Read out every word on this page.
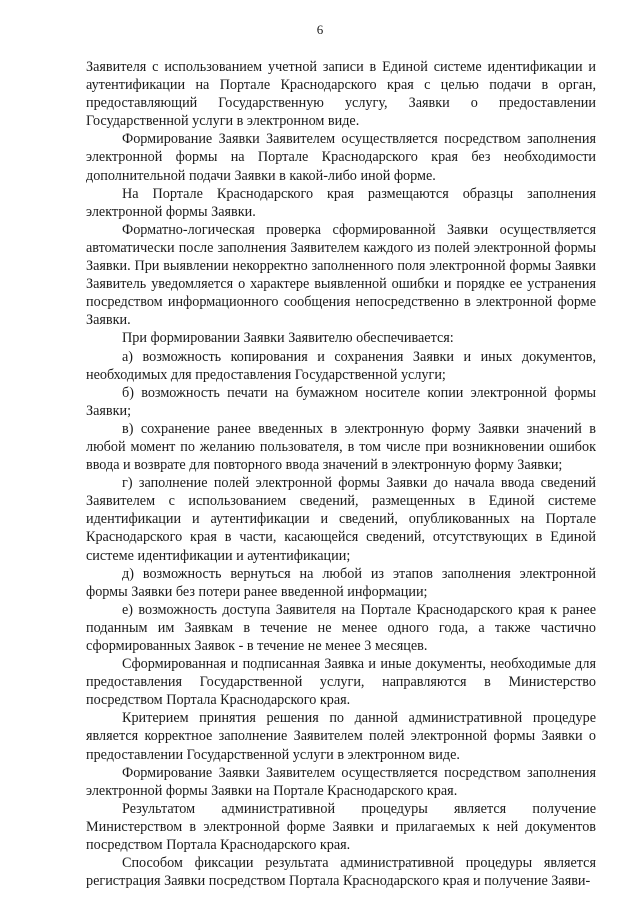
6

Заявителя с использованием учетной записи в Единой системе идентификации и аутентификации на Портале Краснодарского края с целью подачи в орган, предоставляющий Государственную услугу, Заявки о предоставлении Государственной услуги в электронном виде.

Формирование Заявки Заявителем осуществляется посредством заполнения электронной формы на Портале Краснодарского края без необходимости дополнительной подачи Заявки в какой-либо иной форме.

На Портале Краснодарского края размещаются образцы заполнения электронной формы Заявки.

Форматно-логическая проверка сформированной Заявки осуществляется автоматически после заполнения Заявителем каждого из полей электронной формы Заявки. При выявлении некорректно заполненного поля электронной формы Заявки Заявитель уведомляется о характере выявленной ошибки и порядке ее устранения посредством информационного сообщения непосредственно в электронной форме Заявки.

При формировании Заявки Заявителю обеспечивается:

а) возможность копирования и сохранения Заявки и иных документов, необходимых для предоставления Государственной услуги;

б) возможность печати на бумажном носителе копии электронной формы Заявки;

в) сохранение ранее введенных в электронную форму Заявки значений в любой момент по желанию пользователя, в том числе при возникновении ошибок ввода и возврате для повторного ввода значений в электронную форму Заявки;

г) заполнение полей электронной формы Заявки до начала ввода сведений Заявителем с использованием сведений, размещенных в Единой системе идентификации и аутентификации и сведений, опубликованных на Портале Краснодарского края в части, касающейся сведений, отсутствующих в Единой системе идентификации и аутентификации;

д) возможность вернуться на любой из этапов заполнения электронной формы Заявки без потери ранее введенной информации;

е) возможность доступа Заявителя на Портале Краснодарского края к ранее поданным им Заявкам в течение не менее одного года, а также частично сформированных Заявок - в течение не менее 3 месяцев.

Сформированная и подписанная Заявка и иные документы, необходимые для предоставления Государственной услуги, направляются в Министерство посредством Портала Краснодарского края.

Критерием принятия решения по данной административной процедуре является корректное заполнение Заявителем полей электронной формы Заявки о предоставлении Государственной услуги в электронном виде.

Формирование Заявки Заявителем осуществляется посредством заполнения электронной формы Заявки на Портале Краснодарского края.

Результатом административной процедуры является получение Министерством в электронной форме Заявки и прилагаемых к ней документов посредством Портала Краснодарского края.

Способом фиксации результата административной процедуры является регистрация Заявки посредством Портала Краснодарского края и получение Заяви-
